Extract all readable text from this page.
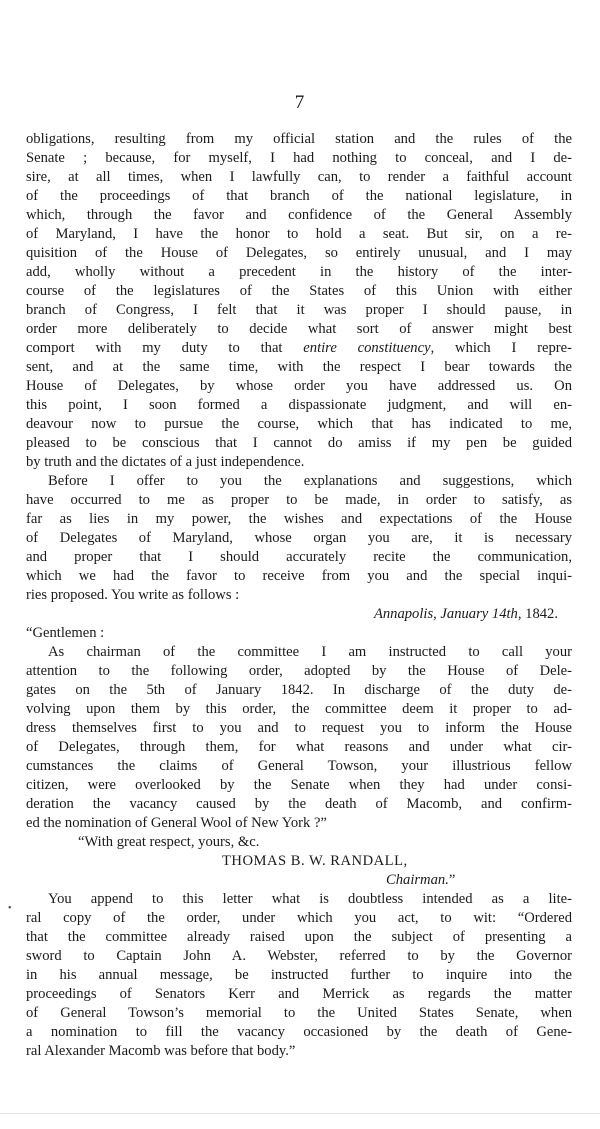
7
obligations, resulting from my official station and the rules of the
Senate ; because, for myself, I had nothing to conceal, and I de-
sire, at all times, when I lawfully can, to render a faithful account
of the proceedings of that branch of the national legislature, in
which, through the favor and confidence of the General Assembly
of Maryland, I have the honor to hold a seat. But sir, on a re-
quisition of the House of Delegates, so entirely unusual, and I may
add, wholly without a precedent in the history of the inter-
course of the legislatures of the States of this Union with either
branch of Congress, I felt that it was proper I should pause, in
order more deliberately to decide what sort of answer might best
comport with my duty to that entire constituency, which I repre-
sent, and at the same time, with the respect I bear towards the
House of Delegates, by whose order you have addressed us. On
this point, I soon formed a dispassionate judgment, and will en-
deavour now to pursue the course, which that has indicated to me,
pleased to be conscious that I cannot do amiss if my pen be guided
by truth and the dictates of a just independence.
Before I offer to you the explanations and suggestions, which
have occurred to me as proper to be made, in order to satisfy, as
far as lies in my power, the wishes and expectations of the House
of Delegates of Maryland, whose organ you are, it is necessary
and proper that I should accurately recite the communication,
which we had the favor to receive from you and the special inqui-
ries proposed. You write as follows :
Annapolis, January 14th, 1842.
“Gentlemen :
As chairman of the committee I am instructed to call your
attention to the following order, adopted by the House of Dele-
gates on the 5th of January 1842. In discharge of the duty de-
volving upon them by this order, the committee deem it proper to ad-
dress themselves first to you and to request you to inform the House
of Delegates, through them, for what reasons and under what cir-
cumstances the claims of General Towson, your illustrious fellow
citizen, were overlooked by the Senate when they had under consi-
deration the vacancy caused by the death of Macomb, and confirm-
ed the nomination of General Wool of New York ?”
“With great respect, yours, &c.
THOMAS B. W. RANDALL,
Chairman.”
You append to this letter what is doubtless intended as a lite-
ral copy of the order, under which you act, to wit: “Ordered
that the committee already raised upon the subject of presenting a
sword to Captain John A. Webster, referred to by the Governor
in his annual message, be instructed further to inquire into the
proceedings of Senators Kerr and Merrick as regards the matter
of General Towson’s memorial to the United States Senate, when
a nomination to fill the vacancy occasioned by the death of Gene-
ral Alexander Macomb was before that body.”
•
